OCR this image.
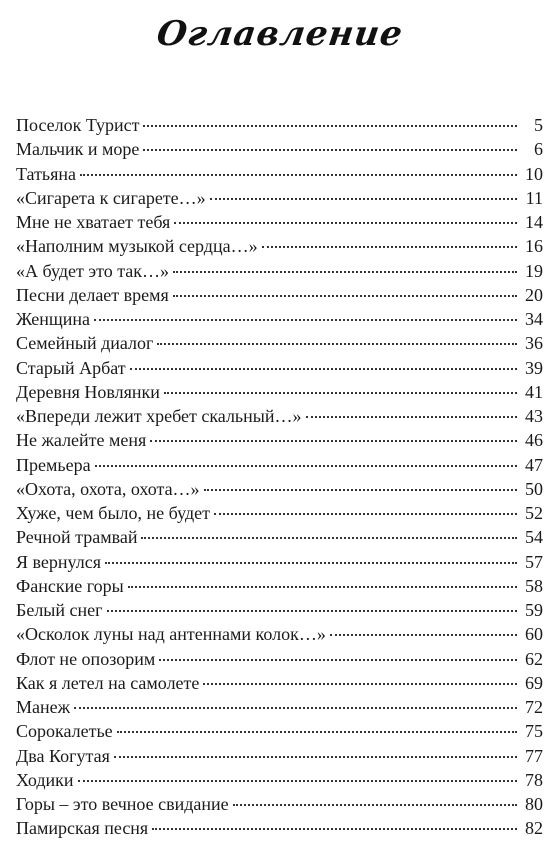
Оглавление
Поселок Турист	5
Мальчик и море	6
Татьяна	10
«Сигарета к сигарете…»	11
Мне не хватает тебя	14
«Наполним музыкой сердца…»	16
«А будет это так…»	19
Песни делает время	20
Женщина	34
Семейный диалог	36
Старый Арбат	39
Деревня Новлянки	41
«Впереди лежит хребет скальный…»	43
Не жалейте меня	46
Премьера	47
«Охота, охота, охота…»	50
Хуже, чем было, не будет	52
Речной трамвай	54
Я вернулся	57
Фанские горы	58
Белый снег	59
«Осколок луны над антеннами колок…»	60
Флот не опозорим	62
Как я летел на самолете	69
Манеж	72
Сорокалетье	75
Два Когутая	77
Ходики	78
Горы – это вечное свидание	80
Памирская песня	82
